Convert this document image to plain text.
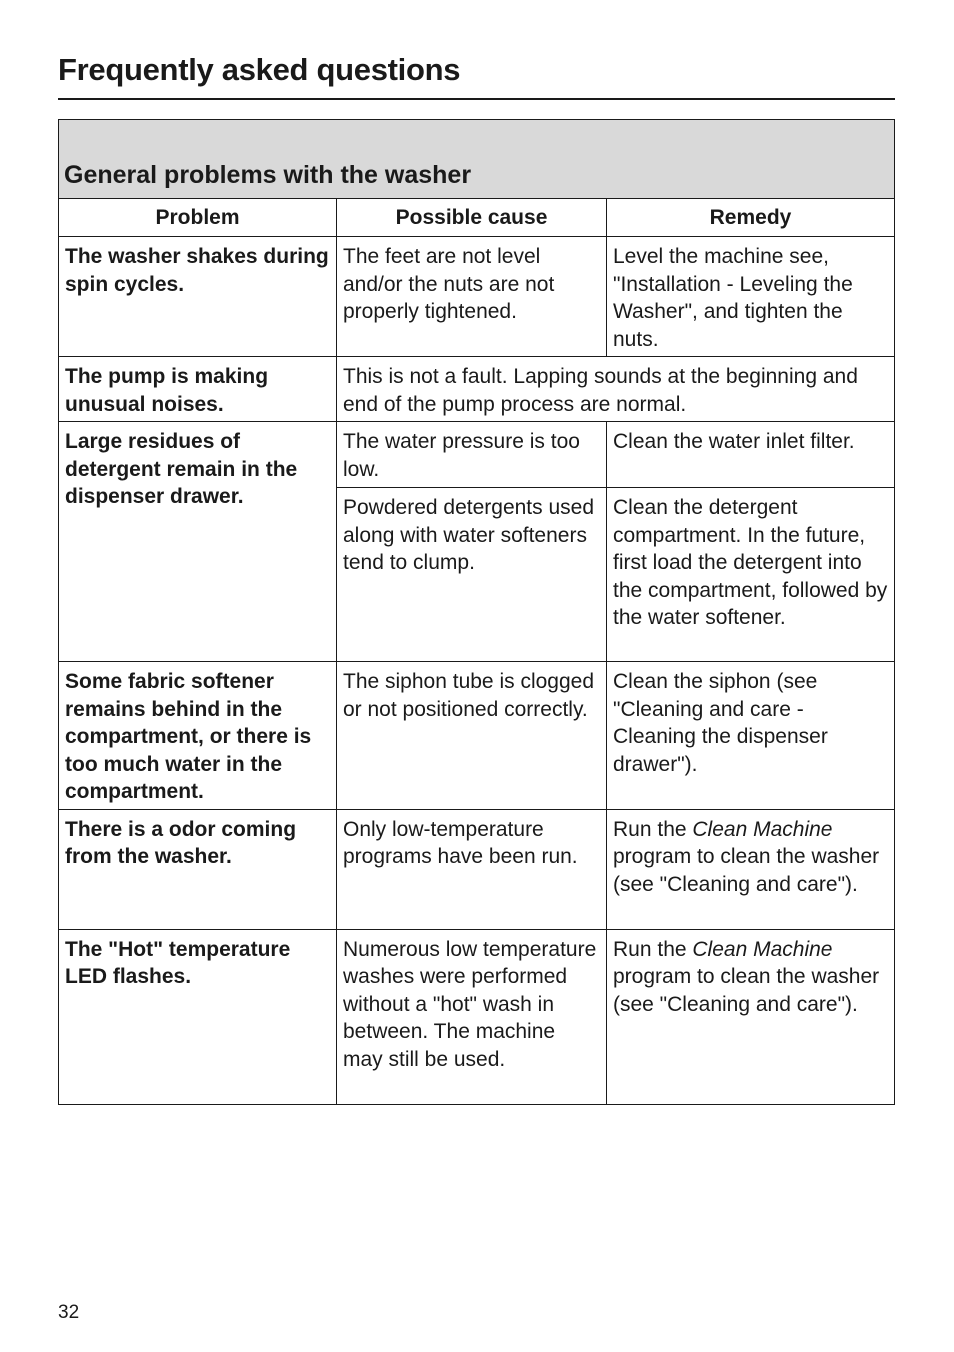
Frequently asked questions
General problems with the washer		
Problem	Possible cause	Remedy
The washer shakes during spin cycles.	The feet are not level and/or the nuts are not properly tightened.	Level the machine see, "Installation - Leveling the Washer", and tighten the nuts.
The pump is making unusual noises.	This is not a fault. Lapping sounds at the beginning and end of the pump process are normal.	
Large residues of detergent remain in the dispenser drawer.	The water pressure is too low.	Clean the water inlet filter.
	Powdered detergents used along with water softeners tend to clump.	Clean the detergent compartment. In the future, first load the detergent into the compartment, followed by the water softener.
Some fabric softener remains behind in the compartment, or there is too much water in the compartment.	The siphon tube is clogged or not positioned correctly.	Clean the siphon (see "Cleaning and care - Cleaning the dispenser drawer").
There is a odor coming from the washer.	Only low-temperature programs have been run.	Run the Clean Machine program to clean the washer (see "Cleaning and care").
The "Hot" temperature LED flashes.	Numerous low temperature washes were performed without a "hot" wash in between. The machine may still be used.	Run the Clean Machine program to clean the washer (see "Cleaning and care").
32
